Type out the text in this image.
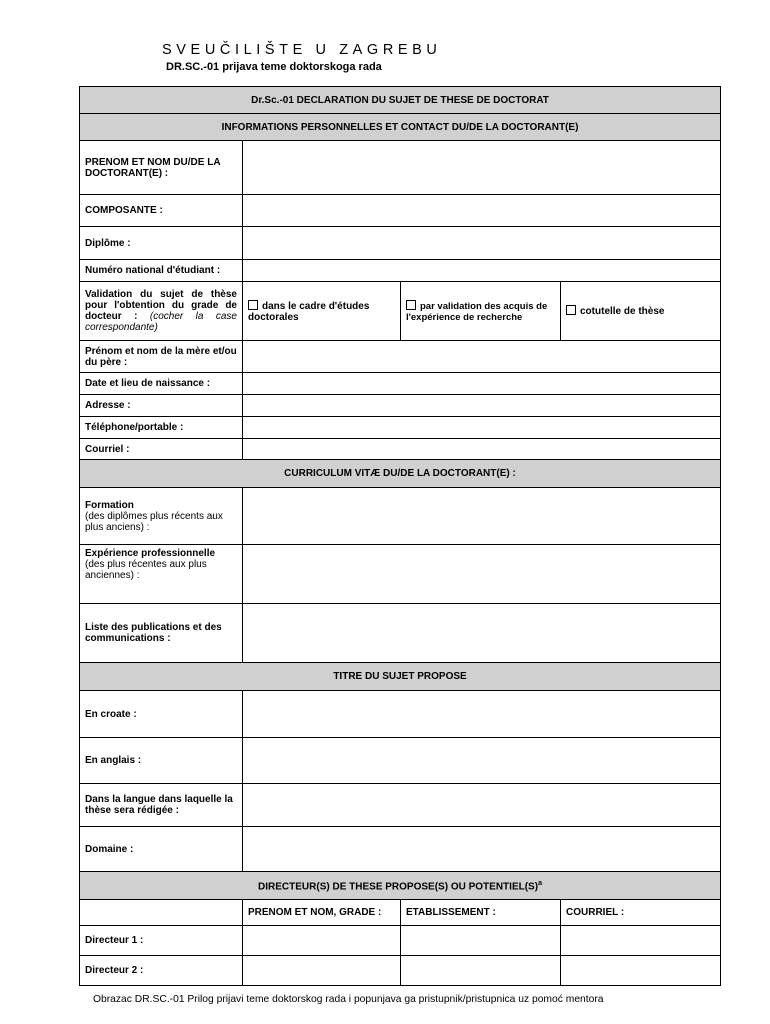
SVEUČILIŠTE U ZAGREBU
DR.SC.-01 prijava teme doktorskoga rada
Dr.Sc.-01 DECLARATION DU SUJET DE THESE DE DOCTORAT			
INFORMATIONS PERSONNELLES ET CONTACT DU/DE LA DOCTORANT(E)			
PRENOM ET NOM DU/DE LA DOCTORANT(E) :			
COMPOSANTE :			
Diplôme :			
Numéro national d'étudiant :			
Validation du sujet de thèse pour l'obtention du grade de docteur : (cocher la case correspondante)	dans le cadre d'études doctorales	par validation des acquis de l'expérience de recherche	cotutelle de thèse
Prénom et nom de la mère et/ou du père :			
Date et lieu de naissance :			
Adresse :			
Téléphone/portable :			
Courriel :			
CURRICULUM VITÆ DU/DE LA DOCTORANT(E) :			

Formation
(des diplômes plus récents aux plus anciens) :			

Expérience professionnelle
(des plus récentes aux plus anciennes) :			

Liste des publications et des communications :			
TITRE DU SUJET PROPOSE			
En croate :			
En anglais :			
Dans la langue dans laquelle la thèse sera rédigée :			
Domaine :			
DIRECTEUR(S) DE THESE PROPOSE(S) OU $POTENTIEL(S)^a$
	PRENOM ET NOM, GRADE :	ETABLISSEMENT :	COURRIEL :
Directeur 1 :			
Directeur 2 :			
Obrazac DR.SC.-01 Prilog prijavi teme doktorskog rada i popunjava ga pristupnik/pristupnica uz pomoć mentora
